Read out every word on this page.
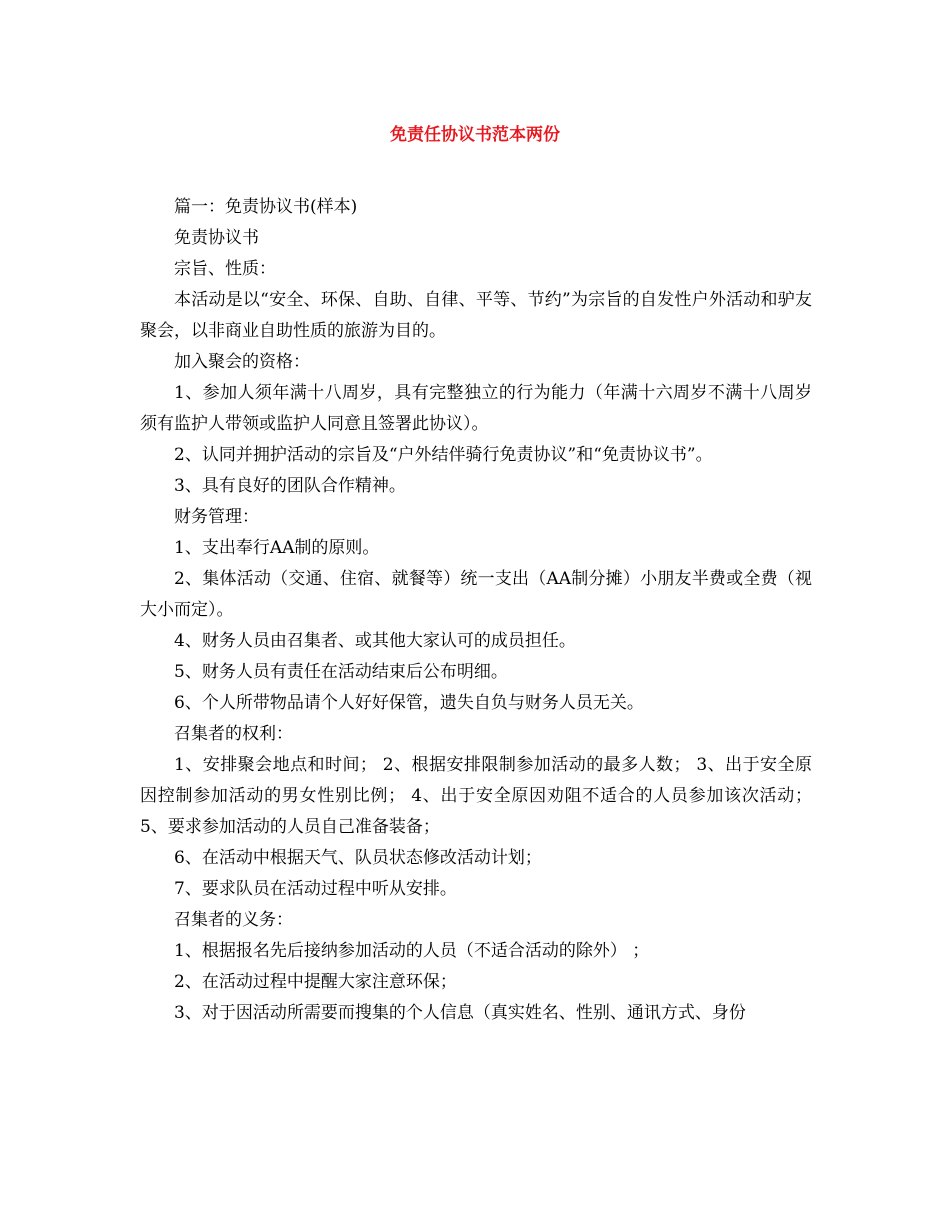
免责任协议书范本两份

篇一：免责协议书(样本)

免责协议书

宗旨、性质：

本活动是以“安全、环保、自助、自律、平等、节约”为宗旨的自发性户外活动和驴友聚会，以非商业自助性质的旅游为目的。

加入聚会的资格：

1、参加人须年满十八周岁，具有完整独立的行为能力（年满十六周岁不满十八周岁须有监护人带领或监护人同意且签署此协议）。

2、认同并拥护活动的宗旨及“户外结伴骑行免责协议”和“免责协议书”。

3、具有良好的团队合作精神。

财务管理：

1、支出奉行AA制的原则。

2、集体活动（交通、住宿、就餐等）统一支出（AA制分摊）小朋友半费或全费（视大小而定）。

4、财务人员由召集者、或其他大家认可的成员担任。

5、财务人员有责任在活动结束后公布明细。

6、个人所带物品请个人好好保管，遗失自负与财务人员无关。

召集者的权利：

1、安排聚会地点和时间； 2、根据安排限制参加活动的最多人数； 3、出于安全原因控制参加活动的男女性别比例； 4、出于安全原因劝阻不适合的人员参加该次活动； 5、要求参加活动的人员自己准备装备；

6、在活动中根据天气、队员状态修改活动计划；

7、要求队员在活动过程中听从安排。

召集者的义务：

1、根据报名先后接纳参加活动的人员（不适合活动的除外） ；

2、在活动过程中提醒大家注意环保；

3、对于因活动所需要而搜集的个人信息（真实姓名、性别、通讯方式、身份
